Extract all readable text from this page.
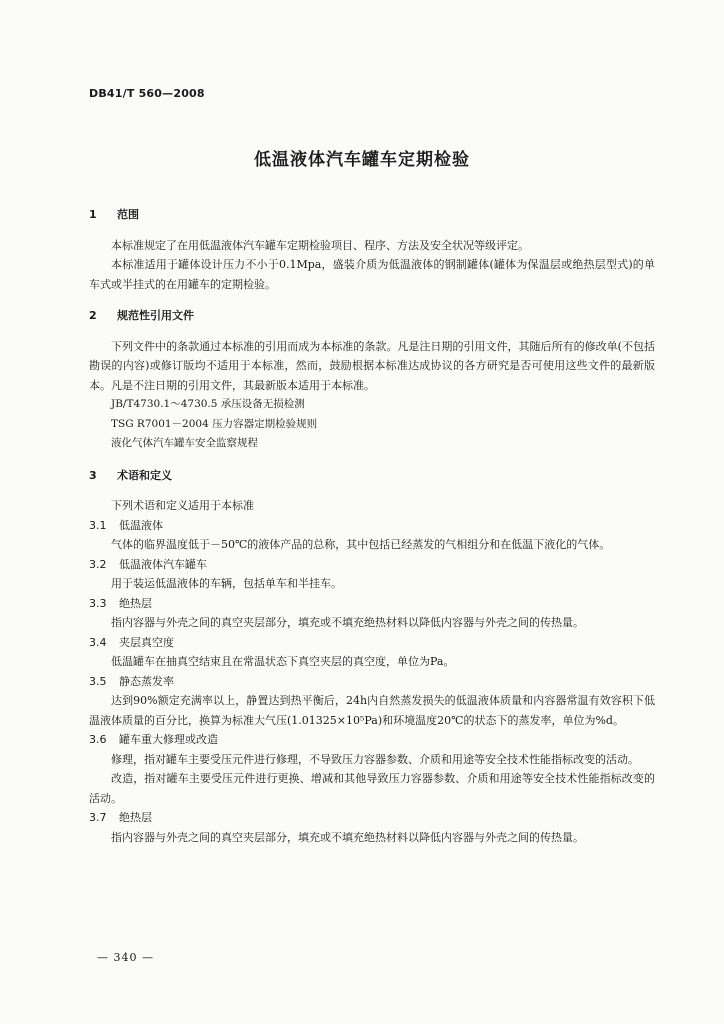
DB41/T 560—2008
低温液体汽车罐车定期检验

1 范围

本标准规定了在用低温液体汽车罐车定期检验项目、程序、方法及安全状况等级评定。

本标准适用于罐体设计压力不小于0.1Mpa，盛装介质为低温液体的钢制罐体(罐体为保温层或绝热层型式)的单车式或半挂式的在用罐车的定期检验。

2 规范性引用文件

下列文件中的条款通过本标准的引用而成为本标准的条款。凡是注日期的引用文件，其随后所有的修改单(不包括勘误的内容)或修订版均不适用于本标准，然而，鼓励根据本标准达成协议的各方研究是否可使用这些文件的最新版本。凡是不注日期的引用文件，其最新版本适用于本标准。

JB/T4730.1～4730.5 承压设备无损检测

TSG R7001－2004 压力容器定期检验规则

液化气体汽车罐车安全监察规程

3 术语和定义

下列术语和定义适用于本标准

3.1 低温液体

气体的临界温度低于－50℃的液体产品的总称，其中包括已经蒸发的气相组分和在低温下液化的气体。

3.2 低温液体汽车罐车

用于装运低温液体的车辆，包括单车和半挂车。

3.3 绝热层

指内容器与外壳之间的真空夹层部分，填充或不填充绝热材料以降低内容器与外壳之间的传热量。

3.4 夹层真空度

低温罐车在抽真空结束且在常温状态下真空夹层的真空度，单位为Pa。

3.5 静态蒸发率

达到90%额定充满率以上，静置达到热平衡后，24h内自然蒸发损失的低温液体质量和内容器常温有效容积下低温液体质量的百分比，换算为标准大气压(1.01325×10⁵Pa)和环境温度20℃的状态下的蒸发率，单位为%d。

3.6 罐车重大修理或改造

修理，指对罐车主要受压元件进行修理，不导致压力容器参数、介质和用途等安全技术性能指标改变的活动。

改造，指对罐车主要受压元件进行更换、增减和其他导致压力容器参数、介质和用途等安全技术性能指标改变的活动。

3.7 绝热层

指内容器与外壳之间的真空夹层部分，填充或不填充绝热材料以降低内容器与外壳之间的传热量。

— 340 —
